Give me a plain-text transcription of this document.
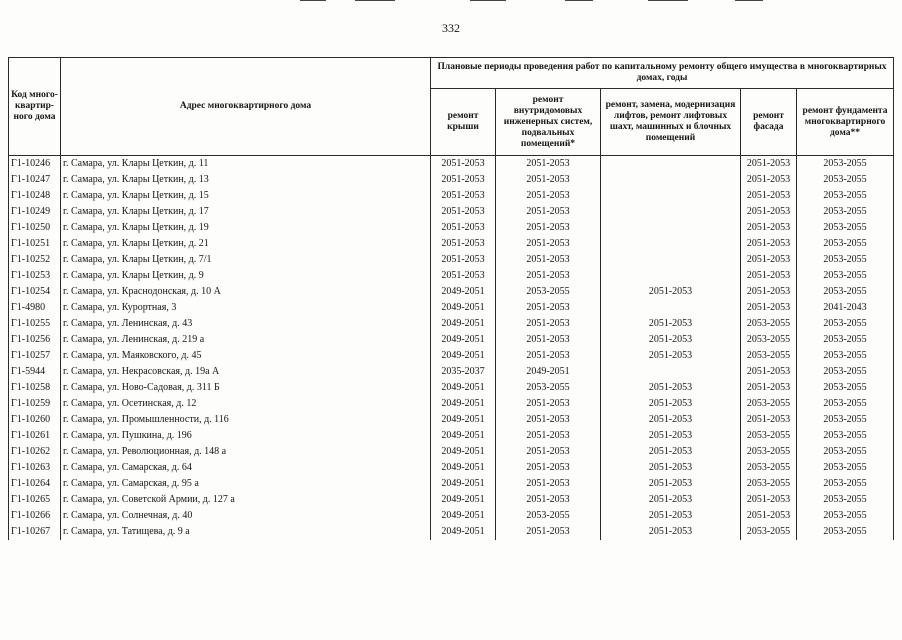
332
Код много-квартир-ного дома	Адрес многоквартирного дома	Плановые периоды проведения работ по капитальному ремонту общего имущества в многоквартирных домах, годы				
		ремонт крыши	ремонт внутридомовых инженерных систем, подвальных помещений*	ремонт, замена, модернизация лифтов, ремонт лифтовых шахт, машинных и блочных помещений	ремонт фасада	ремонт фундамента многоквартирного дома**
Г1-10246	г. Самара, ул. Клары Цеткин, д. 11	2051-2053	2051-2053		2051-2053	2053-2055
Г1-10247	г. Самара, ул. Клары Цеткин, д. 13	2051-2053	2051-2053		2051-2053	2053-2055
Г1-10248	г. Самара, ул. Клары Цеткин, д. 15	2051-2053	2051-2053		2051-2053	2053-2055
Г1-10249	г. Самара, ул. Клары Цеткин, д. 17	2051-2053	2051-2053		2051-2053	2053-2055
Г1-10250	г. Самара, ул. Клары Цеткин, д. 19	2051-2053	2051-2053		2051-2053	2053-2055
Г1-10251	г. Самара, ул. Клары Цеткин, д. 21	2051-2053	2051-2053		2051-2053	2053-2055
Г1-10252	г. Самара, ул. Клары Цеткин, д. 7/1	2051-2053	2051-2053		2051-2053	2053-2055
Г1-10253	г. Самара, ул. Клары Цеткин, д. 9	2051-2053	2051-2053		2051-2053	2053-2055
Г1-10254	г. Самара, ул. Краснодонская, д. 10 А	2049-2051	2053-2055	2051-2053	2051-2053	2053-2055
Г1-4980	г. Самара, ул. Курортная, 3	2049-2051	2051-2053		2051-2053	2041-2043
Г1-10255	г. Самара, ул. Ленинская, д. 43	2049-2051	2051-2053	2051-2053	2053-2055	2053-2055
Г1-10256	г. Самара, ул. Ленинская, д. 219 а	2049-2051	2051-2053	2051-2053	2053-2055	2053-2055
Г1-10257	г. Самара, ул. Маяковского, д. 45	2049-2051	2051-2053	2051-2053	2053-2055	2053-2055
Г1-5944	г. Самара, ул. Некрасовская, д. 19а А	2035-2037	2049-2051		2051-2053	2053-2055
Г1-10258	г. Самара, ул. Ново-Садовая, д. 311 Б	2049-2051	2053-2055	2051-2053	2051-2053	2053-2055
Г1-10259	г. Самара, ул. Осетинская, д. 12	2049-2051	2051-2053	2051-2053	2053-2055	2053-2055
Г1-10260	г. Самара, ул. Промышленности, д. 116	2049-2051	2051-2053	2051-2053	2051-2053	2053-2055
Г1-10261	г. Самара, ул. Пушкина, д. 196	2049-2051	2051-2053	2051-2053	2053-2055	2053-2055
Г1-10262	г. Самара, ул. Революционная, д. 148 а	2049-2051	2051-2053	2051-2053	2053-2055	2053-2055
Г1-10263	г. Самара, ул. Самарская, д. 64	2049-2051	2051-2053	2051-2053	2053-2055	2053-2055
Г1-10264	г. Самара, ул. Самарская, д. 95 а	2049-2051	2051-2053	2051-2053	2053-2055	2053-2055
Г1-10265	г. Самара, ул. Советской Армии, д. 127 а	2049-2051	2051-2053	2051-2053	2051-2053	2053-2055
Г1-10266	г. Самара, ул. Солнечная, д. 40	2049-2051	2053-2055	2051-2053	2051-2053	2053-2055
Г1-10267	г. Самара, ул. Татищева, д. 9 а	2049-2051	2051-2053	2051-2053	2053-2055	2053-2055
